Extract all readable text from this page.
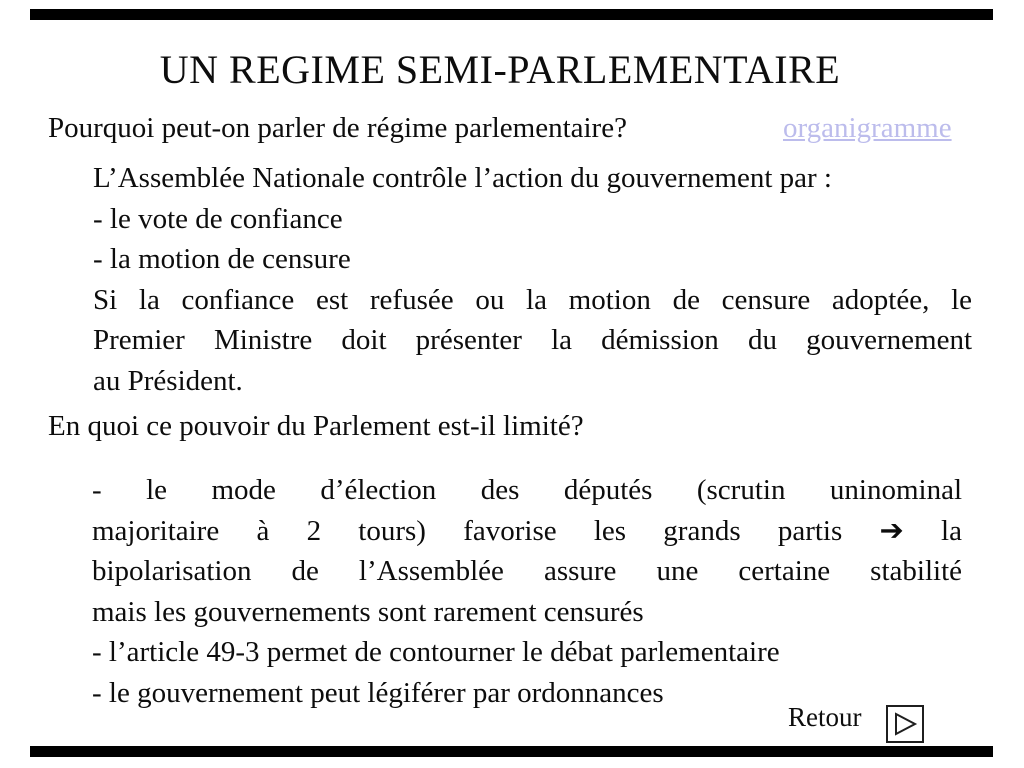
UN REGIME SEMI-PARLEMENTAIRE
Pourquoi peut-on parler de régime parlementaire?	organigramme
L’Assemblée Nationale contrôle l’action du gouvernement par :
- le vote de confiance
- la motion de censure
Si la confiance est refusée ou la motion de censure adoptée, le
Premier Ministre doit présenter la démission du gouvernement
au Président.
En quoi ce pouvoir du Parlement est-il limité?
- le mode d’élection des députés (scrutin uninominal
majoritaire à 2 tours) favorise les grands partis ➔ la
bipolarisation de l’Assemblée assure une certaine stabilité
mais les gouvernements sont rarement censurés
- l’article 49-3 permet de contourner le débat parlementaire
- le gouvernement peut légiférer par ordonnances
Retour
